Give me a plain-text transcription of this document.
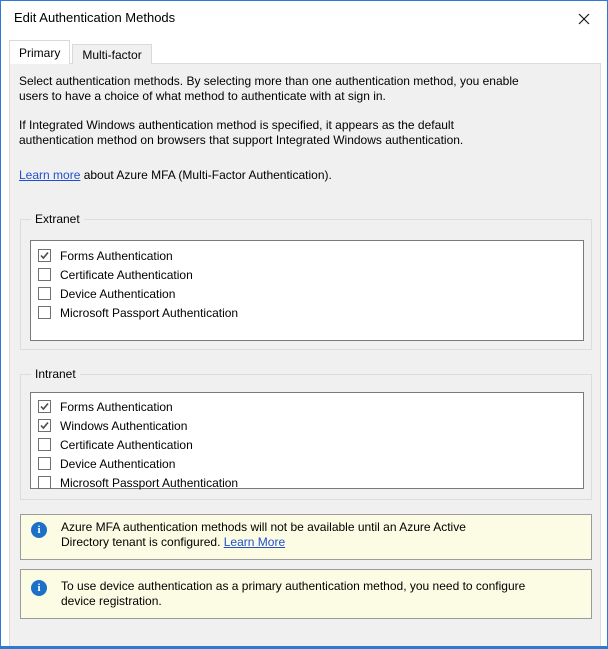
Edit Authentication Methods
Primary	Multi-factor
Select authentication methods. By selecting more than one authentication method, you enable
users to have a choice of what method to authenticate with at sign in.
If Integrated Windows authentication method is specified, it appears as the default
authentication method on browsers that support Integrated Windows authentication.
Learn more about Azure MFA (Multi-Factor Authentication).
Extranet
Forms Authentication
Certificate Authentication
Device Authentication
Microsoft Passport Authentication
Intranet
Forms Authentication
Windows Authentication
Certificate Authentication
Device Authentication
Microsoft Passport Authentication
i	Azure MFA authentication methods will not be available until an Azure Active
Directory tenant is configured. Learn More
i	To use device authentication as a primary authentication method, you need to configure
device registration.
